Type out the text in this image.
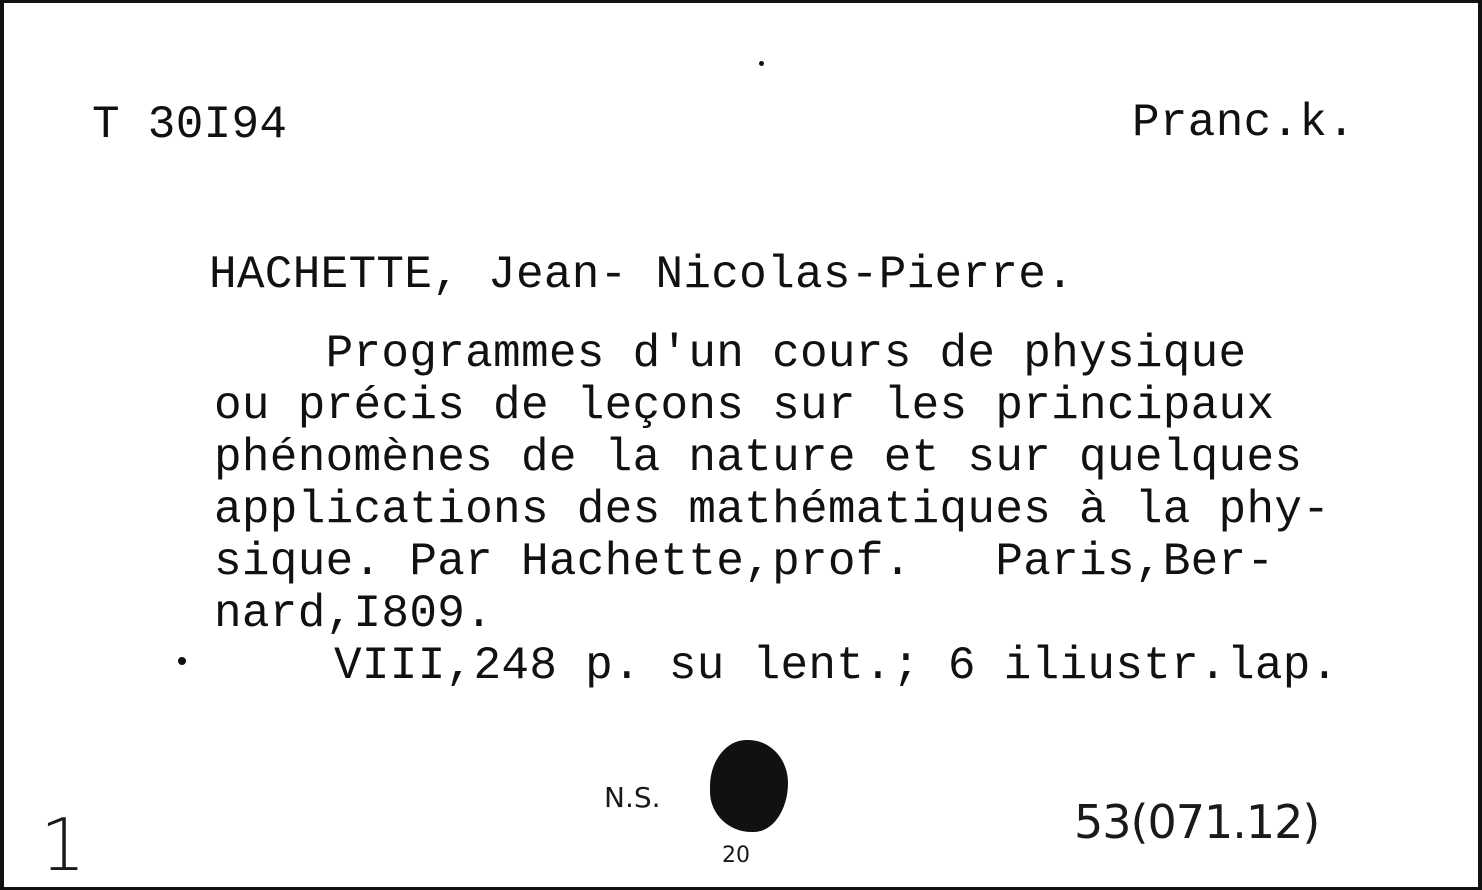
T 30I94	Pranc.k.
HACHETTE, Jean- Nicolas-Pierre.
Programmes d'un cours de physique
ou précis de leçons sur les principaux
phénomènes de la nature et sur quelques
applications des mathématiques à la phy-
sique. Par Hachette,prof.   Paris,Ber-
nard,I809.
VIII,248 p. su lent.; 6 iliustr.lap.
N.S.
20
53(071.12)
1
